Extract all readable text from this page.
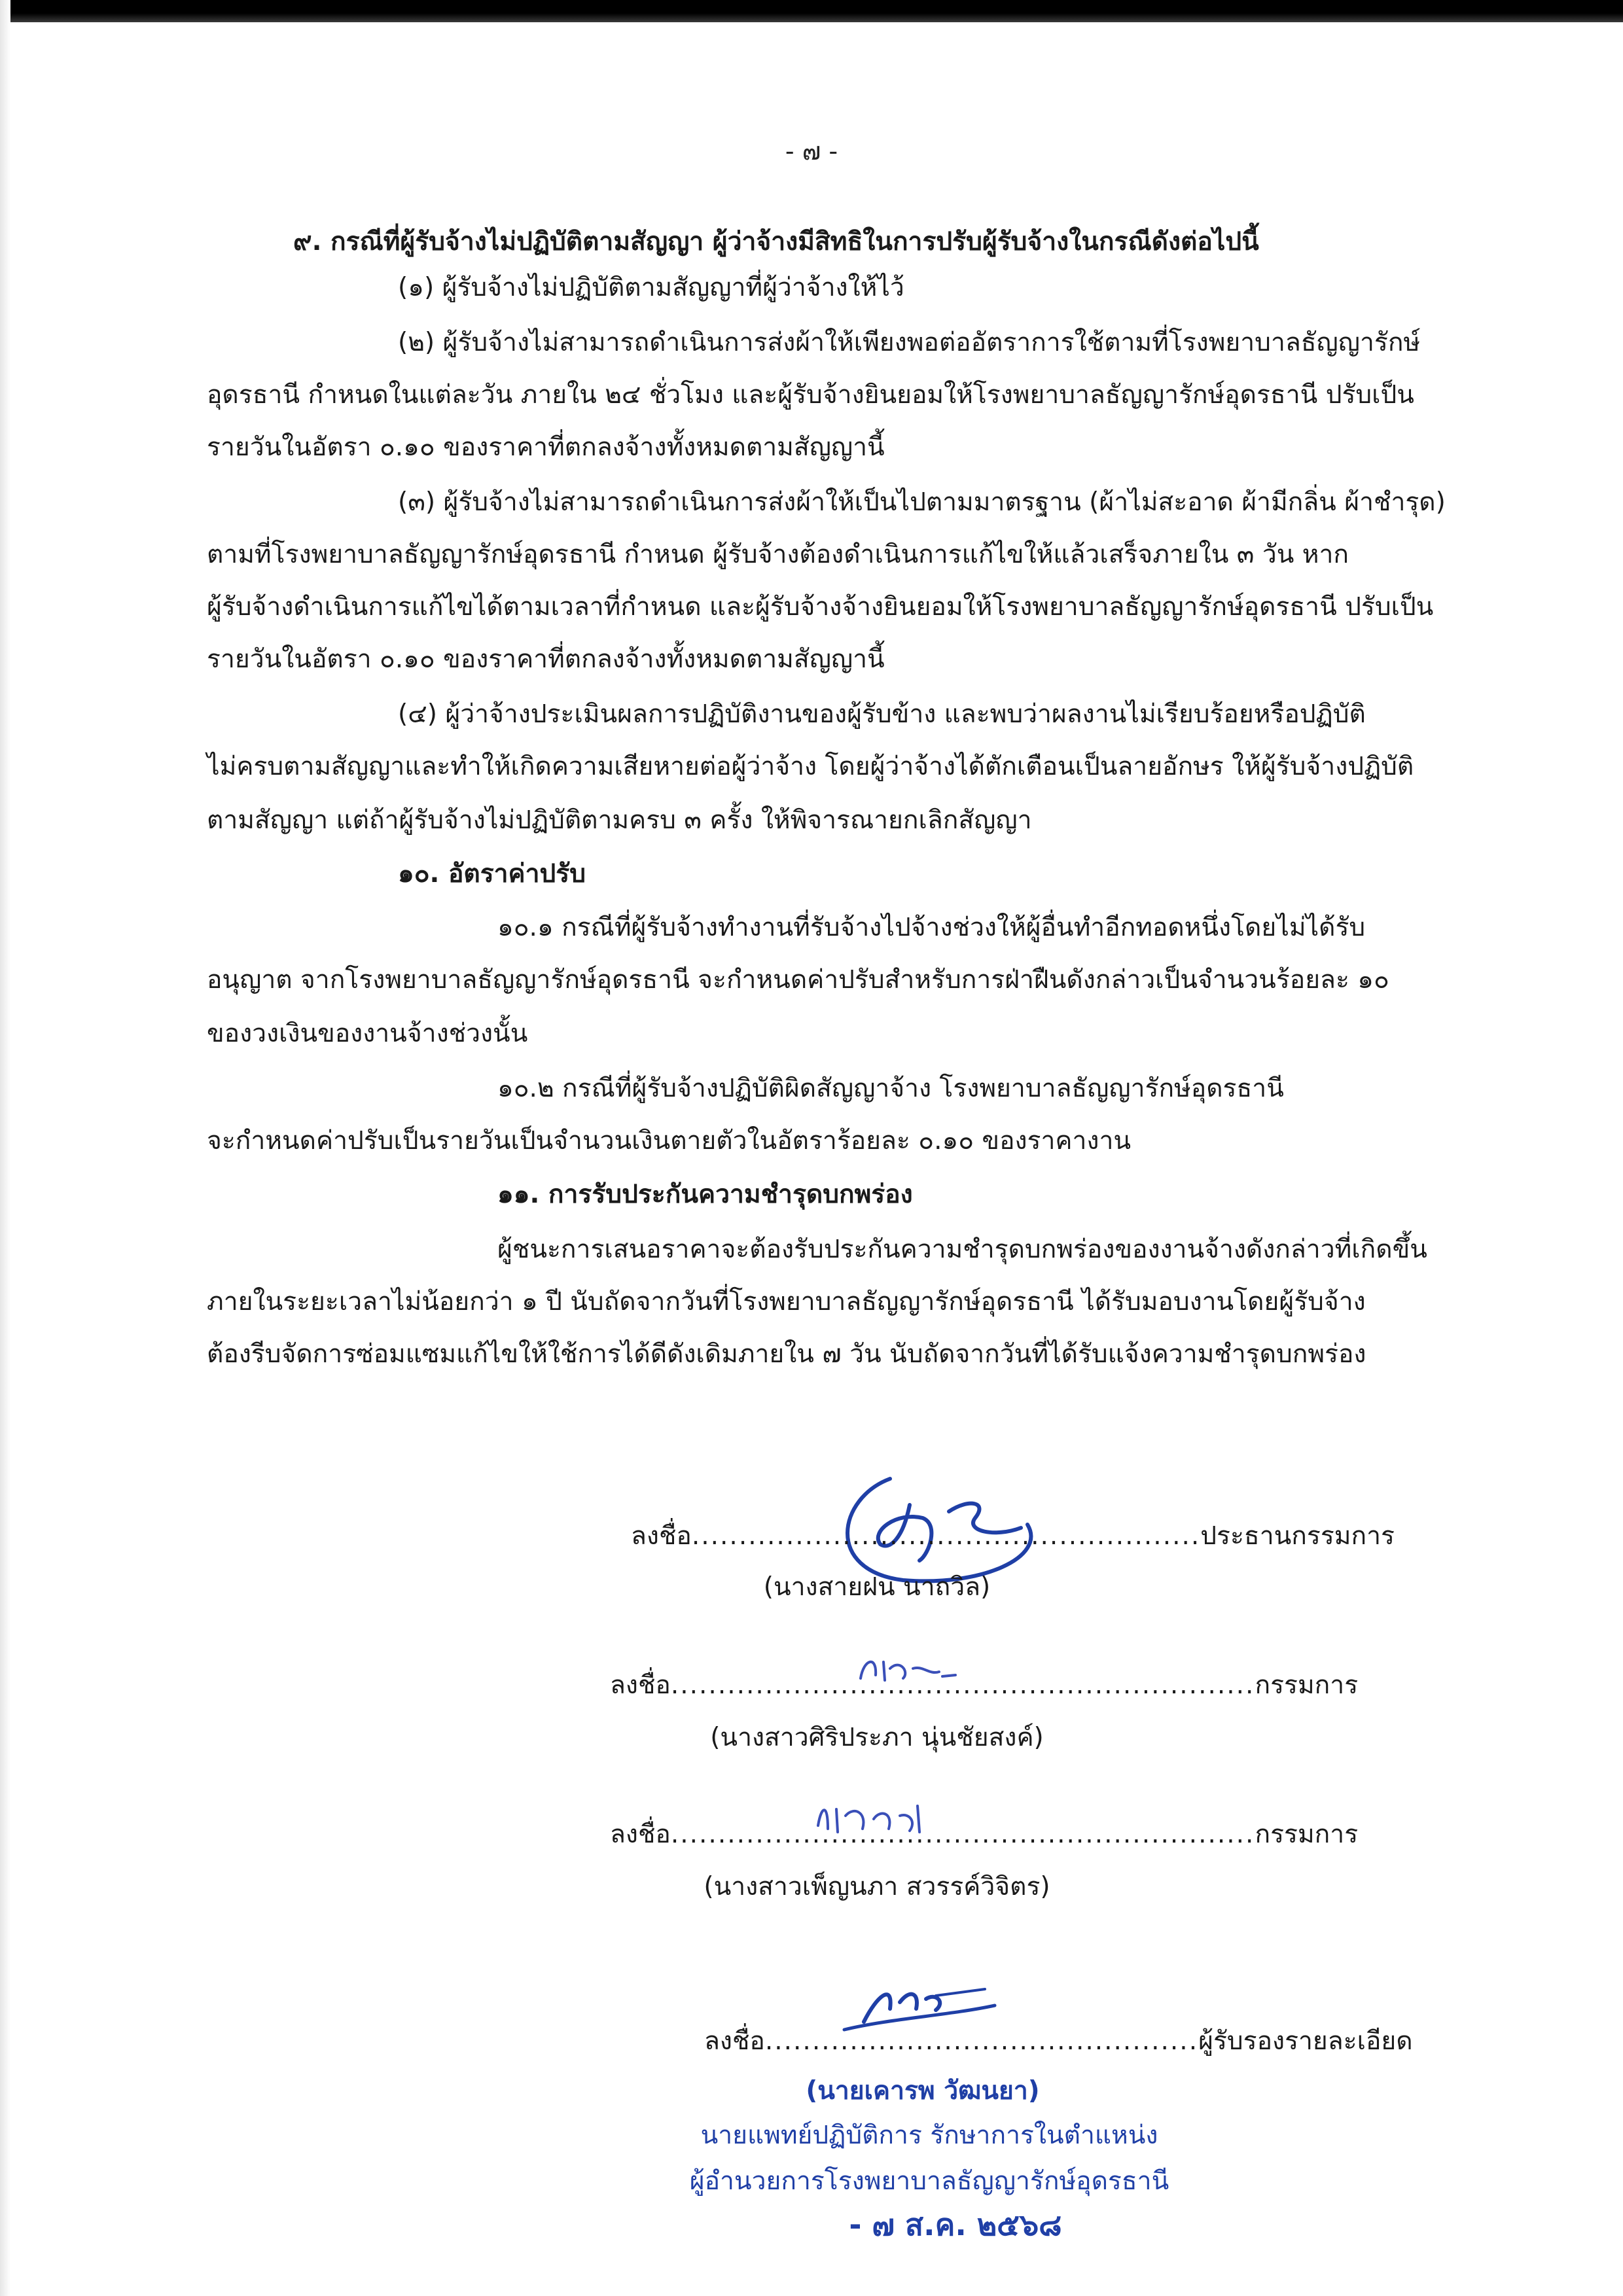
- ๗ -
๙. กรณีที่ผู้รับจ้างไม่ปฏิบัติตามสัญญา ผู้ว่าจ้างมีสิทธิในการปรับผู้รับจ้างในกรณีดังต่อไปนี้
(๑) ผู้รับจ้างไม่ปฏิบัติตามสัญญาที่ผู้ว่าจ้างให้ไว้
(๒) ผู้รับจ้างไม่สามารถดำเนินการส่งผ้าให้เพียงพอต่ออัตราการใช้ตามที่โรงพยาบาลธัญญารักษ์
อุดรธานี กำหนดในแต่ละวัน ภายใน ๒๔ ชั่วโมง และผู้รับจ้างยินยอมให้โรงพยาบาลธัญญารักษ์อุดรธานี ปรับเป็น
รายวันในอัตรา ๐.๑๐ ของราคาที่ตกลงจ้างทั้งหมดตามสัญญานี้
(๓) ผู้รับจ้างไม่สามารถดำเนินการส่งผ้าให้เป็นไปตามมาตรฐาน (ผ้าไม่สะอาด ผ้ามีกลิ่น ผ้าชำรุด)
ตามที่โรงพยาบาลธัญญารักษ์อุดรธานี กำหนด ผู้รับจ้างต้องดำเนินการแก้ไขให้แล้วเสร็จภายใน ๓ วัน หาก
ผู้รับจ้างดำเนินการแก้ไขได้ตามเวลาที่กำหนด และผู้รับจ้างจ้างยินยอมให้โรงพยาบาลธัญญารักษ์อุดรธานี ปรับเป็น
รายวันในอัตรา ๐.๑๐ ของราคาที่ตกลงจ้างทั้งหมดตามสัญญานี้
(๔) ผู้ว่าจ้างประเมินผลการปฏิบัติงานของผู้รับข้าง และพบว่าผลงานไม่เรียบร้อยหรือปฏิบัติ
ไม่ครบตามสัญญาและทำให้เกิดความเสียหายต่อผู้ว่าจ้าง โดยผู้ว่าจ้างได้ตักเตือนเป็นลายอักษร ให้ผู้รับจ้างปฏิบัติ
ตามสัญญา แต่ถ้าผู้รับจ้างไม่ปฏิบัติตามครบ ๓ ครั้ง ให้พิจารณายกเลิกสัญญา
๑๐. อัตราค่าปรับ
๑๐.๑ กรณีที่ผู้รับจ้างทำงานที่รับจ้างไปจ้างช่วงให้ผู้อื่นทำอีกทอดหนึ่งโดยไม่ได้รับ
อนุญาต จากโรงพยาบาลธัญญารักษ์อุดรธานี จะกำหนดค่าปรับสำหรับการฝ่าฝืนดังกล่าวเป็นจำนวนร้อยละ ๑๐
ของวงเงินของงานจ้างช่วงนั้น
๑๐.๒ กรณีที่ผู้รับจ้างปฏิบัติผิดสัญญาจ้าง โรงพยาบาลธัญญารักษ์อุดรธานี
จะกำหนดค่าปรับเป็นรายวันเป็นจำนวนเงินตายตัวในอัตราร้อยละ ๐.๑๐ ของราคางาน
๑๑. การรับประกันความชำรุดบกพร่อง
ผู้ชนะการเสนอราคาจะต้องรับประกันความชำรุดบกพร่องของงานจ้างดังกล่าวที่เกิดขึ้น
ภายในระยะเวลาไม่น้อยกว่า ๑ ปี นับถัดจากวันที่โรงพยาบาลธัญญารักษ์อุดรธานี ได้รับมอบงานโดยผู้รับจ้าง
ต้องรีบจัดการซ่อมแซมแก้ไขให้ใช้การได้ดีดังเดิมภายใน ๗ วัน นับถัดจากวันที่ได้รับแจ้งความชำรุดบกพร่อง
ลงชื่อ......................................................ประธานกรรมการ
(นางสายฝน นาถวิล)
ลงชื่อ..............................................................กรรมการ
(นางสาวศิริประภา นุ่นชัยสงค์)
ลงชื่อ..............................................................กรรมการ
(นางสาวเพ็ญนภา สวรรค์วิจิตร)
ลงชื่อ..............................................ผู้รับรองรายละเอียด
(นายเคารพ วัฒนยา)
นายแพทย์ปฏิบัติการ รักษาการในตำแหน่ง
ผู้อำนวยการโรงพยาบาลธัญญารักษ์อุดรธานี
- ๗ ส.ค. ๒๕๖๘
